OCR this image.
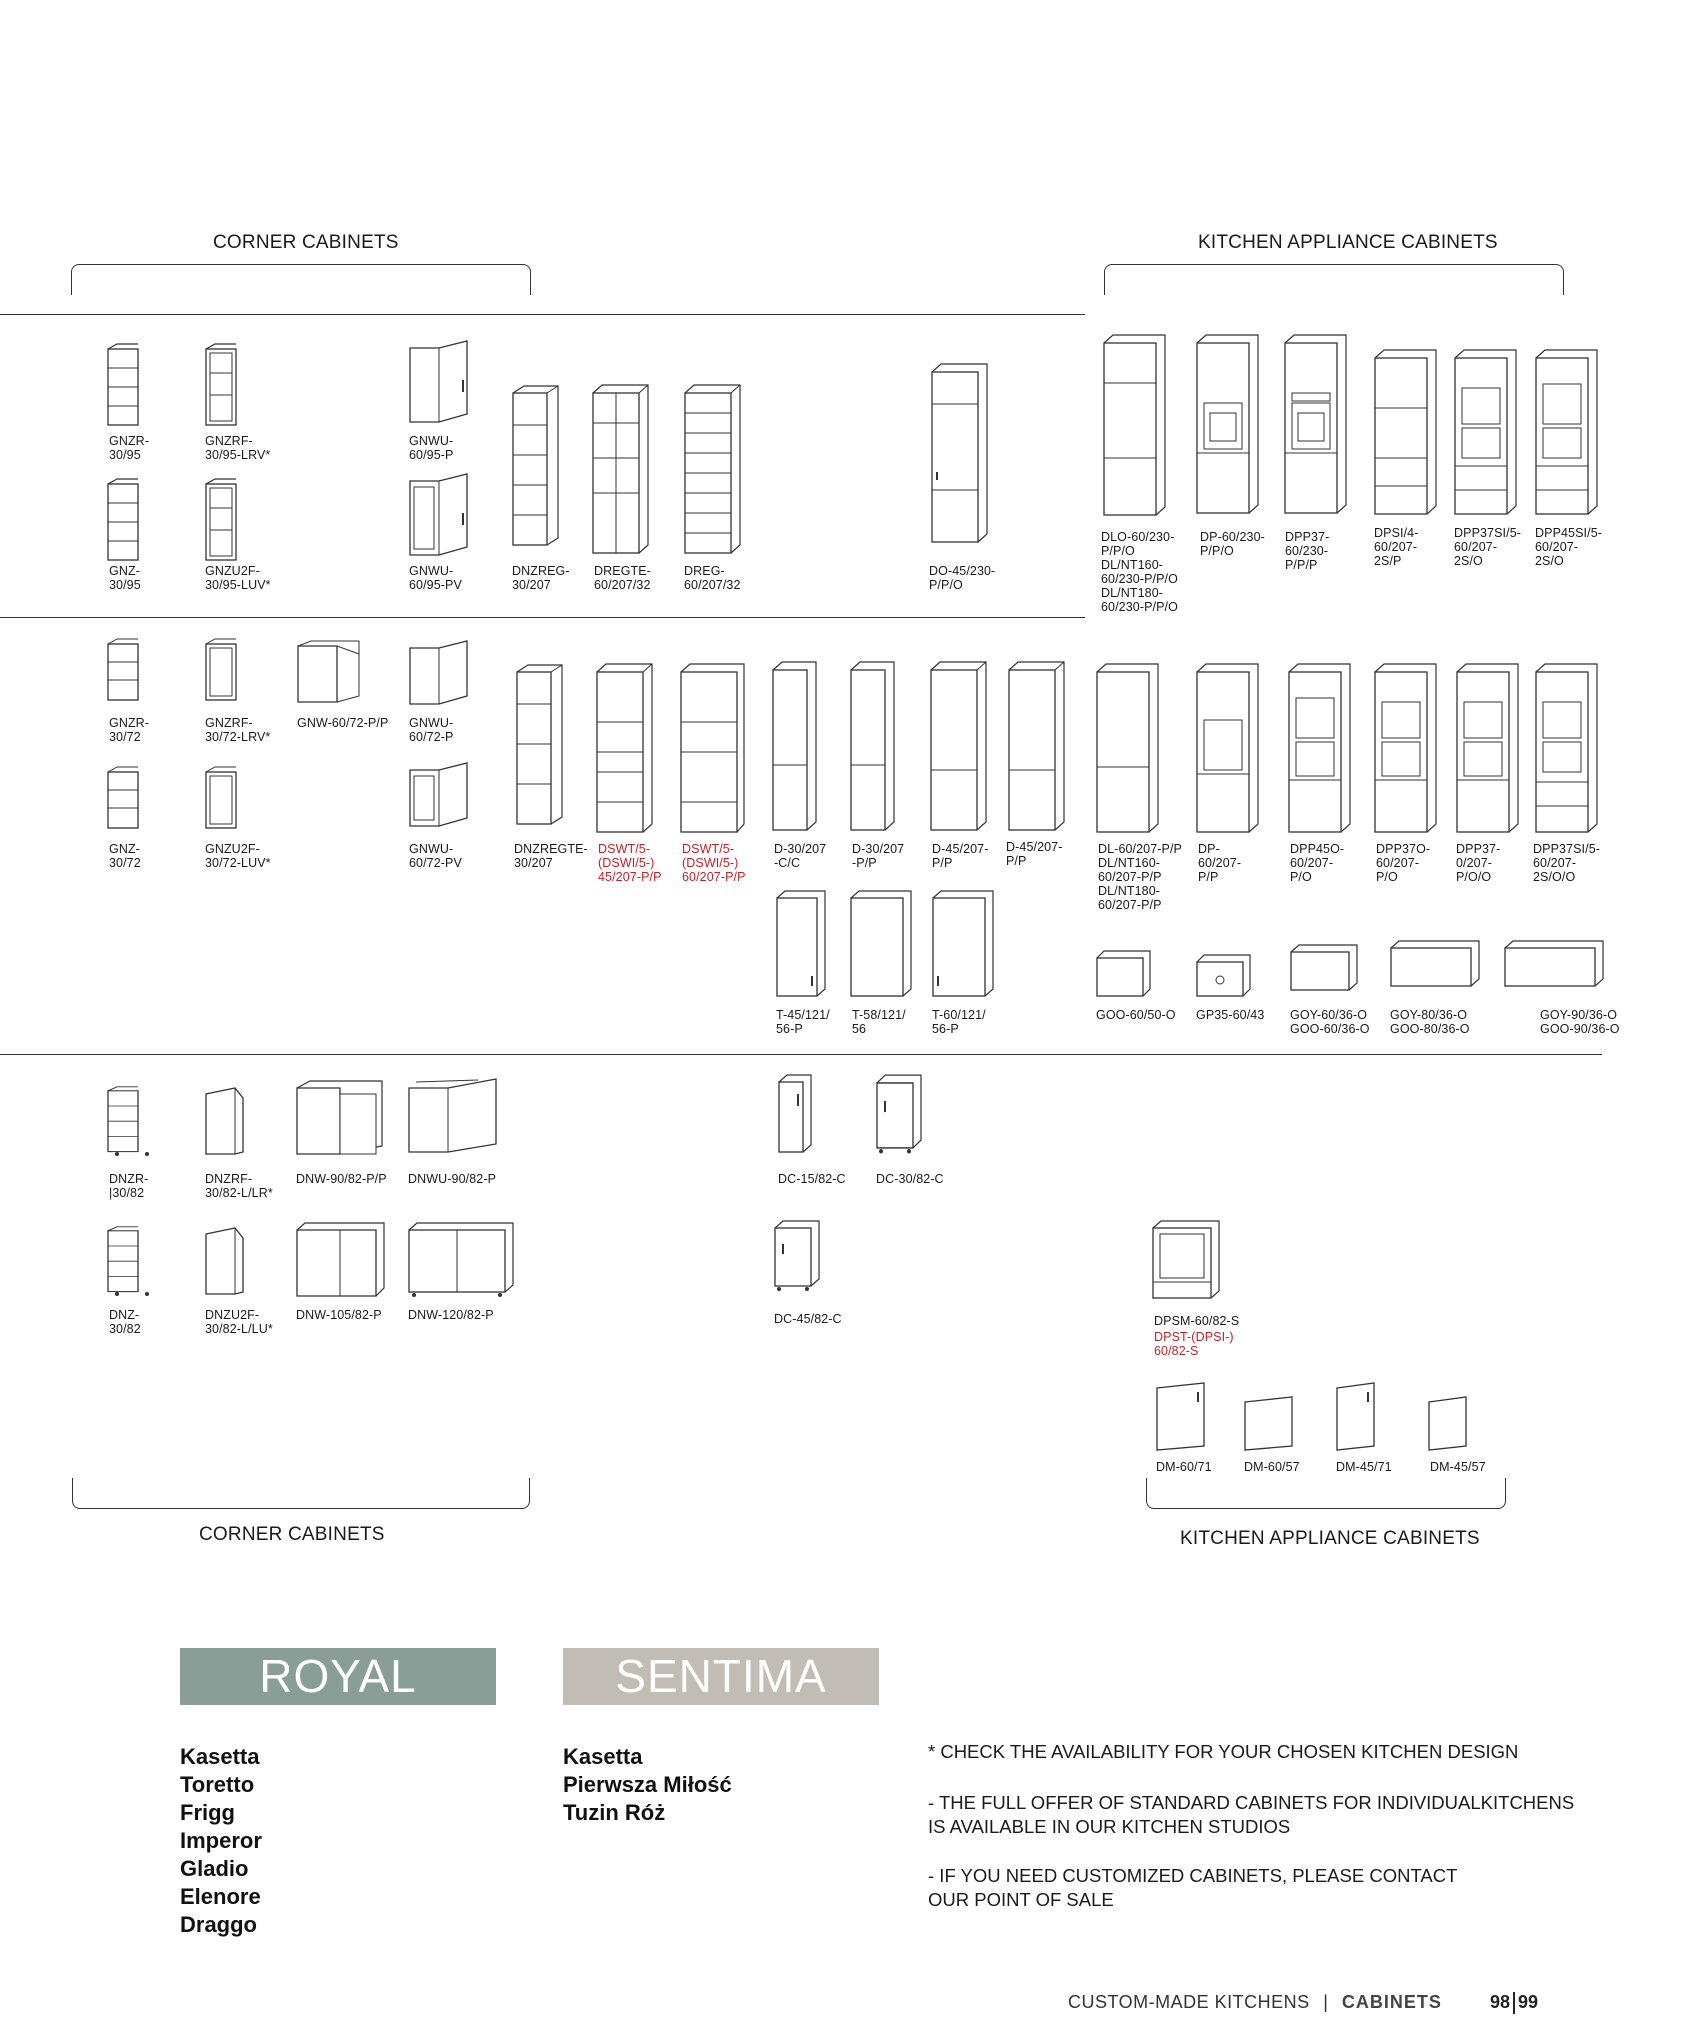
CORNER CABINETS	KITCHEN APPLIANCE CABINETS
GNZR-
30/95
GNZRF-
30/95-LRV*
GNWU-
60/95-P
GNZ-
30/95
GNZU2F-
30/95-LUV*
GNWU-
60/95-PV
DNZREG-
30/207
DREGTE-
60/207/32
DREG-
60/207/32
DO-45/230-
P/P/O
DLO-60/230-
P/P/O
DL/NT160-
60/230-P/P/O
DL/NT180-
60/230-P/P/O
DP-60/230-
P/P/O
DPP37-
60/230-
P/P/P
DPSI/4-
60/207-
2S/P
DPP37SI/5-
60/207-
2S/O
DPP45SI/5-
60/207-
2S/O
GNZR-
30/72
GNZRF-
30/72-LRV*
GNW-60/72-P/P GNWU-
60/72-P
GNZ-
30/72
GNZU2F-
30/72-LUV*
GNWU-
60/72-PV
DNZREGTE-
30/207
DSWT/5-
(DSWI/5-)
45/207-P/P
DSWT/5-
(DSWI/5-)
60/207-P/P
D-30/207
-C/C
D-30/207
-P/P
D-45/207-
P/P
D-45/207-
P/P
T-45/121/
56-P
T-58/121/
56
T-60/121/
56-P
DL-60/207-P/P
DL/NT160-
60/207-P/P
DL/NT180-
60/207-P/P
DP-
60/207-
P/P
DPP45O-
60/207-
P/O
DPP37O-
60/207-
P/O
DPP37-
0/207-
P/O/O
DPP37SI/5-
60/207-
2S/O/O
GOO-60/50-O GP35-60/43 GOY-60/36-O
GOO-60/36-O
GOY-80/36-O
GOO-80/36-O
GOY-90/36-O
GOO-90/36-O
DNZR-
|30/82
DNZRF-
30/82-L/LR*
DNW-90/82-P/P DNWU-90/82-P	DC-15/82-C DC-30/82-C
DNZ-
30/82
DNZU2F-
30/82-L/LU*
DNW-105/82-P DNW-120/82-P	DC-45/82-C	DPSM-60/82-S
DPST-(DPSI-)
60/82-S
DM-60/71	DM-60/57	DM-45/71	DM-45/57
CORNER CABINETS	KITCHEN APPLIANCE CABINETS
ROYAL	SENTIMA
Kasetta
Toretto
Frigg
Imperor
Gladio
Elenore
Draggo
Kasetta
Pierwsza Miłość
Tuzin Róż
* CHECK THE AVAILABILITY FOR YOUR CHOSEN KITCHEN DESIGN
- THE FULL OFFER OF STANDARD CABINETS FOR INDIVIDUALKITCHENS
IS AVAILABLE IN OUR KITCHEN STUDIOS
- IF YOU NEED CUSTOMIZED CABINETS, PLEASE CONTACT
OUR POINT OF SALE
CUSTOM-MADE KITCHENS | CABINETS	98 99
